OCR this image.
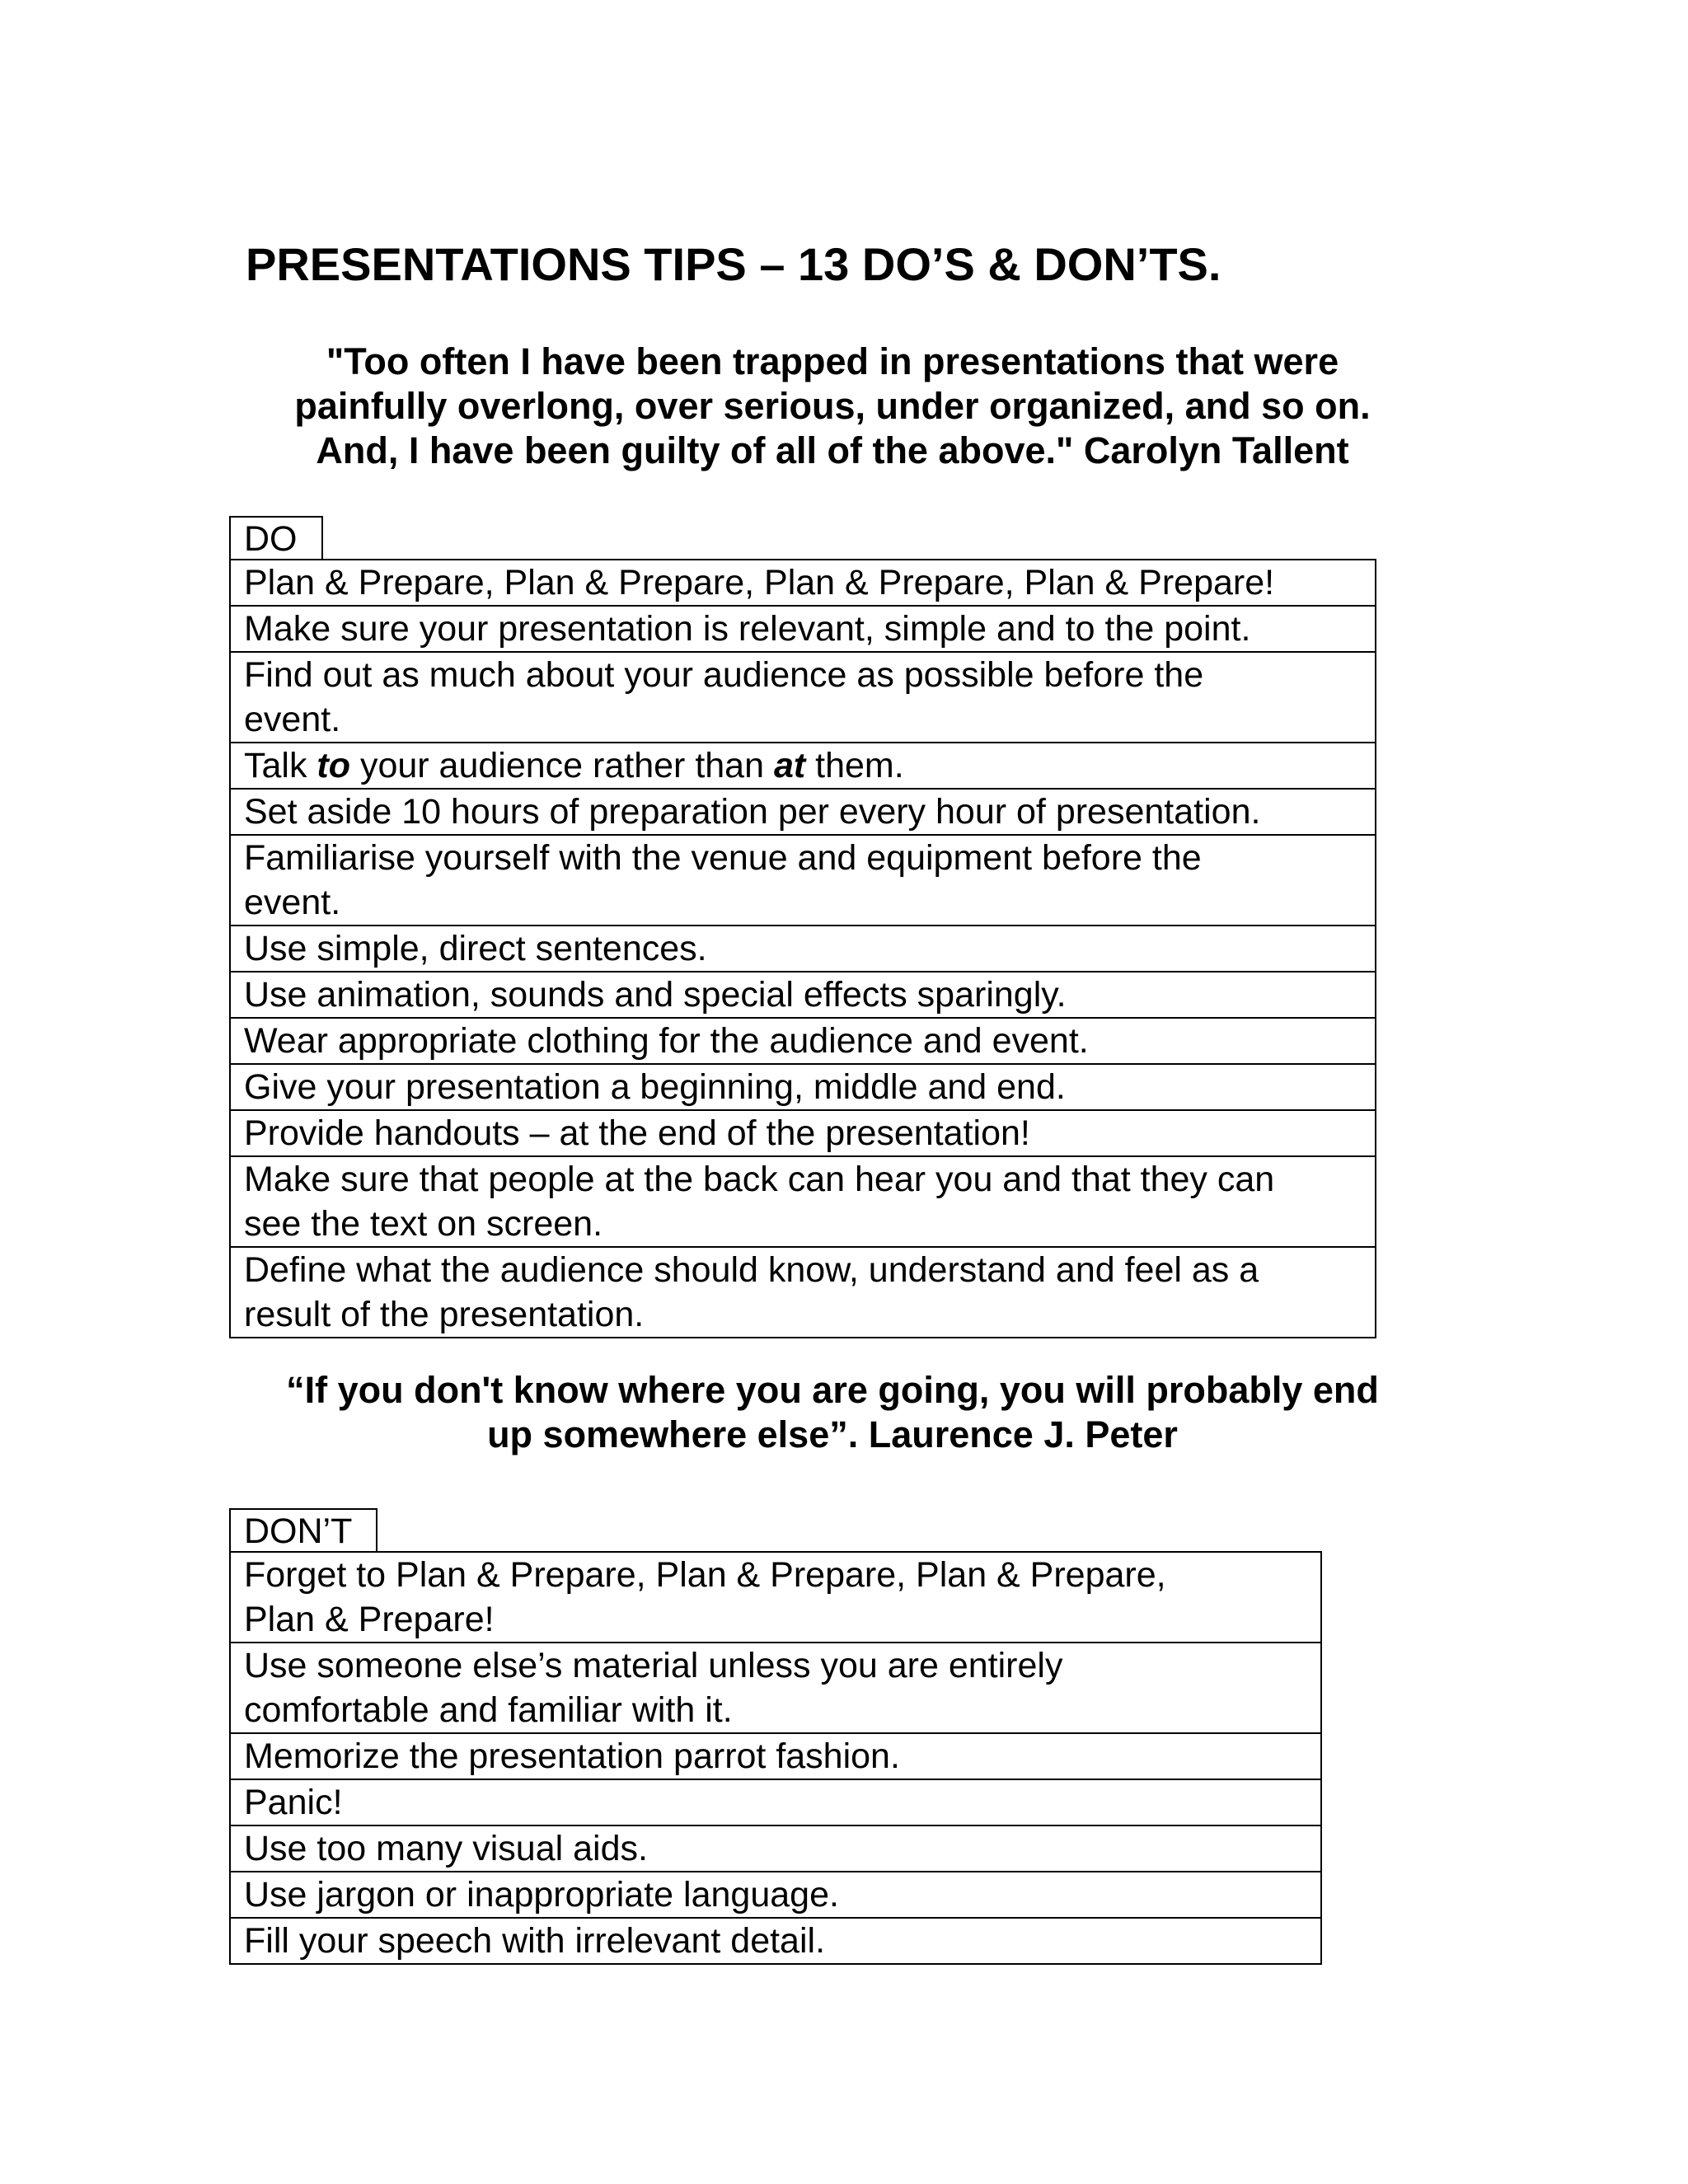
PRESENTATIONS TIPS – 13 DO’S & DON’TS.

"Too often I have been trapped in presentations that were
painfully overlong, over serious, under organized, and so on.
And, I have been guilty of all of the above." Carolyn Tallent

DO
Plan & Prepare, Plan & Prepare, Plan & Prepare, Plan & Prepare!
Make sure your presentation is relevant, simple and to the point.
Find out as much about your audience as possible before the
event.
Talk to your audience rather than at them.
Set aside 10 hours of preparation per every hour of presentation.
Familiarise yourself with the venue and equipment before the
event.
Use simple, direct sentences.
Use animation, sounds and special effects sparingly.
Wear appropriate clothing for the audience and event.
Give your presentation a beginning, middle and end.
Provide handouts – at the end of the presentation!
Make sure that people at the back can hear you and that they can
see the text on screen.
Define what the audience should know, understand and feel as a
result of the presentation.

“If you don't know where you are going, you will probably end
up somewhere else”. Laurence J. Peter

DON’T
Forget to Plan & Prepare, Plan & Prepare, Plan & Prepare,
Plan & Prepare!
Use someone else’s material unless you are entirely
comfortable and familiar with it.
Memorize the presentation parrot fashion.
Panic!
Use too many visual aids.
Use jargon or inappropriate language.
Fill your speech with irrelevant detail.
